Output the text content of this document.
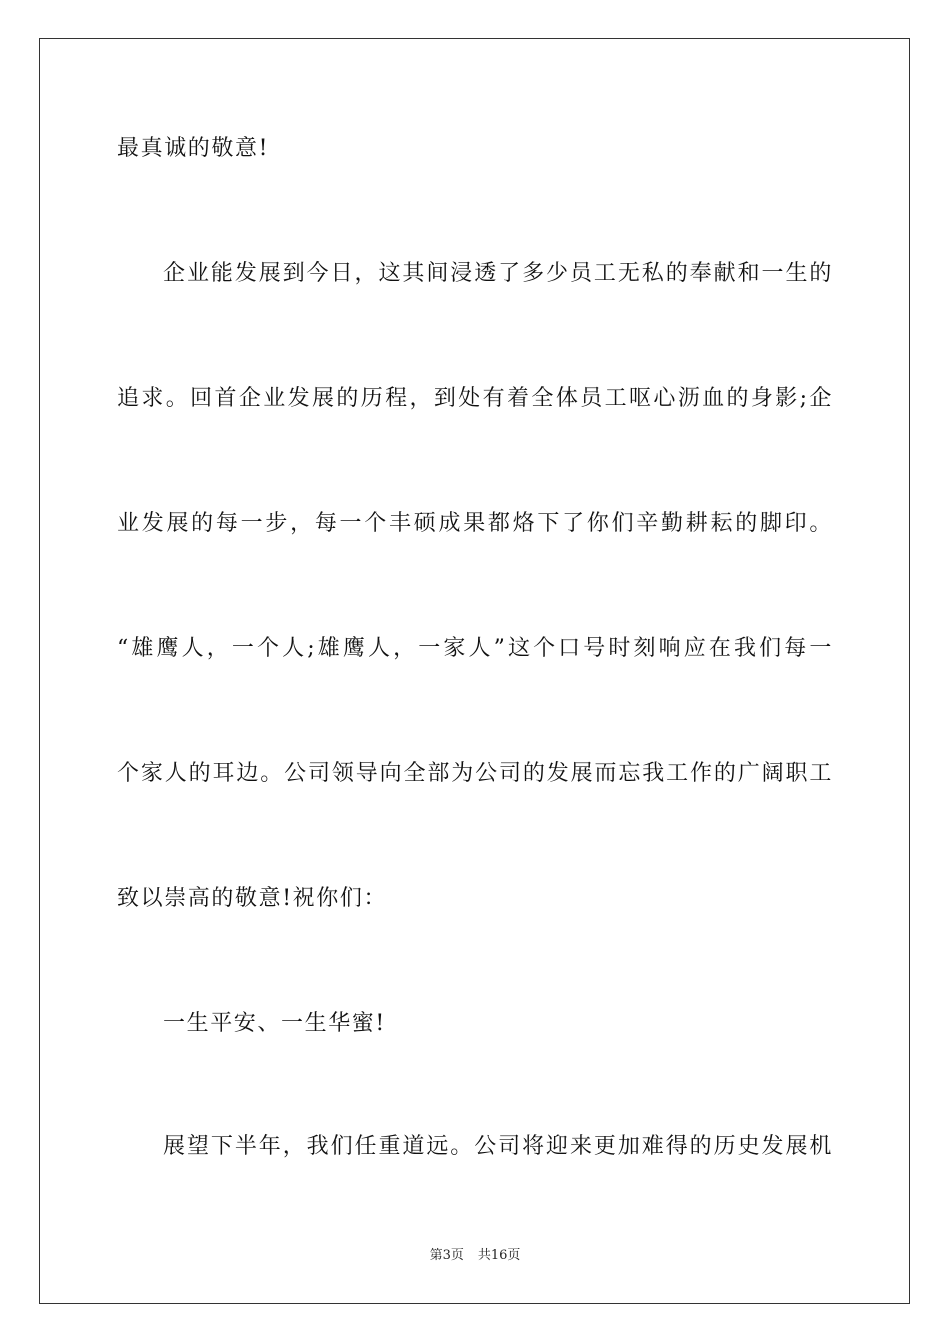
最真诚的敬意!
企业能发展到今日，这其间浸透了多少员工无私的奉献和一生的
追求。回首企业发展的历程，到处有着全体员工呕心沥血的身影;企
业发展的每一步，每一个丰硕成果都烙下了你们辛勤耕耘的脚印。
“雄鹰人，一个人;雄鹰人，一家人”这个口号时刻响应在我们每一
个家人的耳边。公司领导向全部为公司的发展而忘我工作的广阔职工
致以崇高的敬意!祝你们：
一生平安、一生华蜜!
展望下半年，我们任重道远。公司将迎来更加难得的历史发展机
第3页 共16页
